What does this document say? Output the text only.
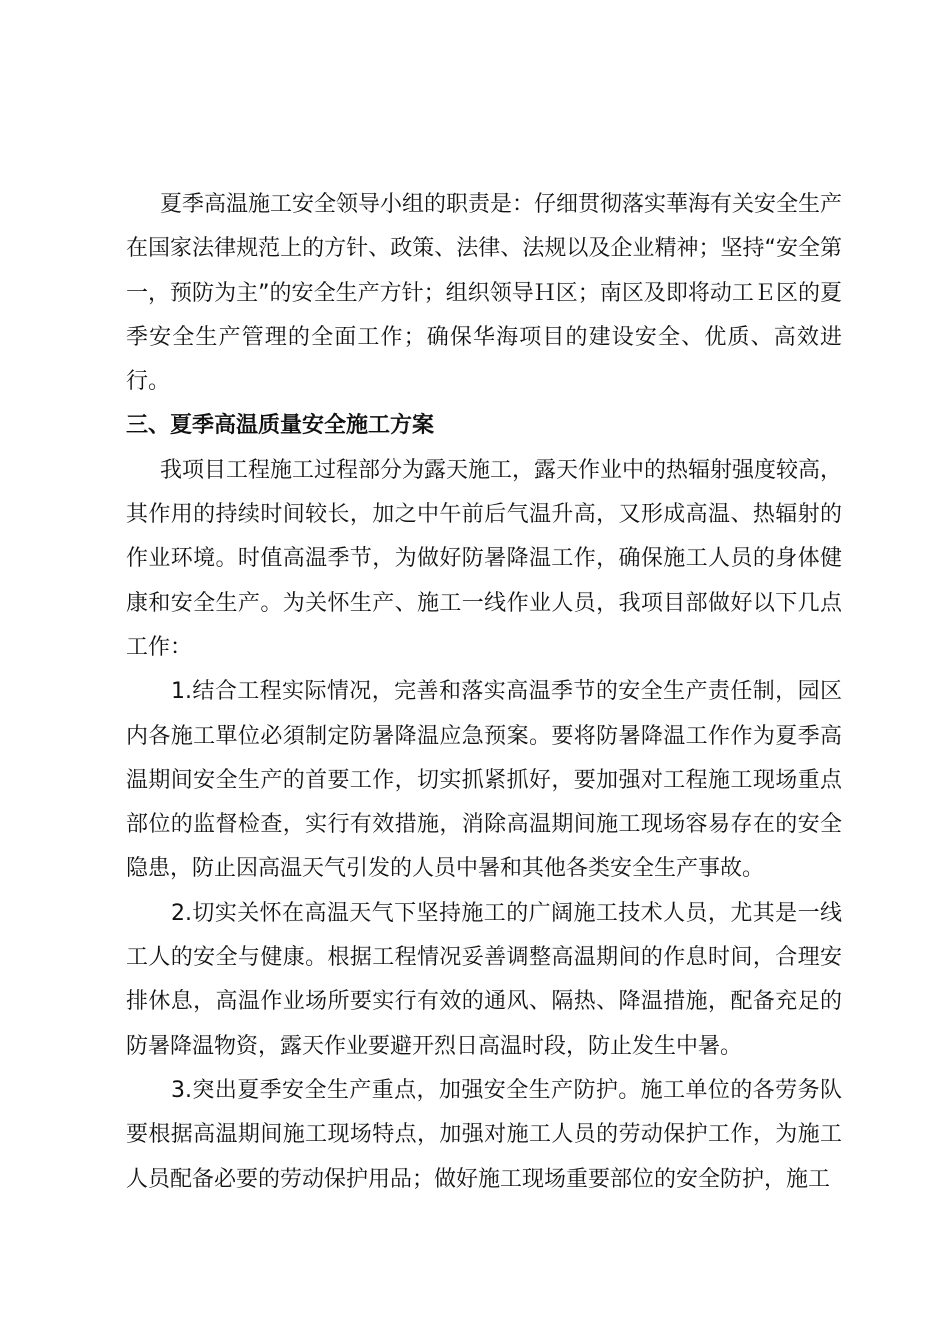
夏季高温施工安全领导小组的职责是：仔细贯彻落实華海有关安全生产在国家法律规范上的方针、政策、法律、法规以及企业精神；坚持“安全第一，预防为主”的安全生产方针；组织领导Ｈ区；南区及即将动工Ｅ区的夏季安全生产管理的全面工作；确保华海项目的建设安全、优质、高效进行。

三、夏季高温质量安全施工方案

我项目工程施工过程部分为露天施工，露天作业中的热辐射强度较高，其作用的持续时间较长，加之中午前后气温升高，又形成高温、热辐射的作业环境。时值高温季节，为做好防暑降温工作，确保施工人员的身体健康和安全生产。为关怀生产、施工一线作业人员，我项目部做好以下几点工作：

1.结合工程实际情况，完善和落实高温季节的安全生产责任制，园区内各施工單位必須制定防暑降温应急预案。要将防暑降温工作作为夏季高温期间安全生产的首要工作，切实抓紧抓好，要加强对工程施工现场重点部位的监督检查，实行有效措施，消除高温期间施工现场容易存在的安全隐患，防止因高温天气引发的人员中暑和其他各类安全生产事故。

2.切实关怀在高温天气下坚持施工的广阔施工技术人员，尤其是一线工人的安全与健康。根据工程情况妥善调整高温期间的作息时间，合理安排休息，高温作业场所要实行有效的通风、隔热、降温措施，配备充足的防暑降温物资，露天作业要避开烈日高温时段，防止发生中暑。

3.突出夏季安全生产重点，加强安全生产防护。施工单位的各劳务队要根据高温期间施工现场特点，加强对施工人员的劳动保护工作，为施工人员配备必要的劳动保护用品；做好施工现场重要部位的安全防护，施工
